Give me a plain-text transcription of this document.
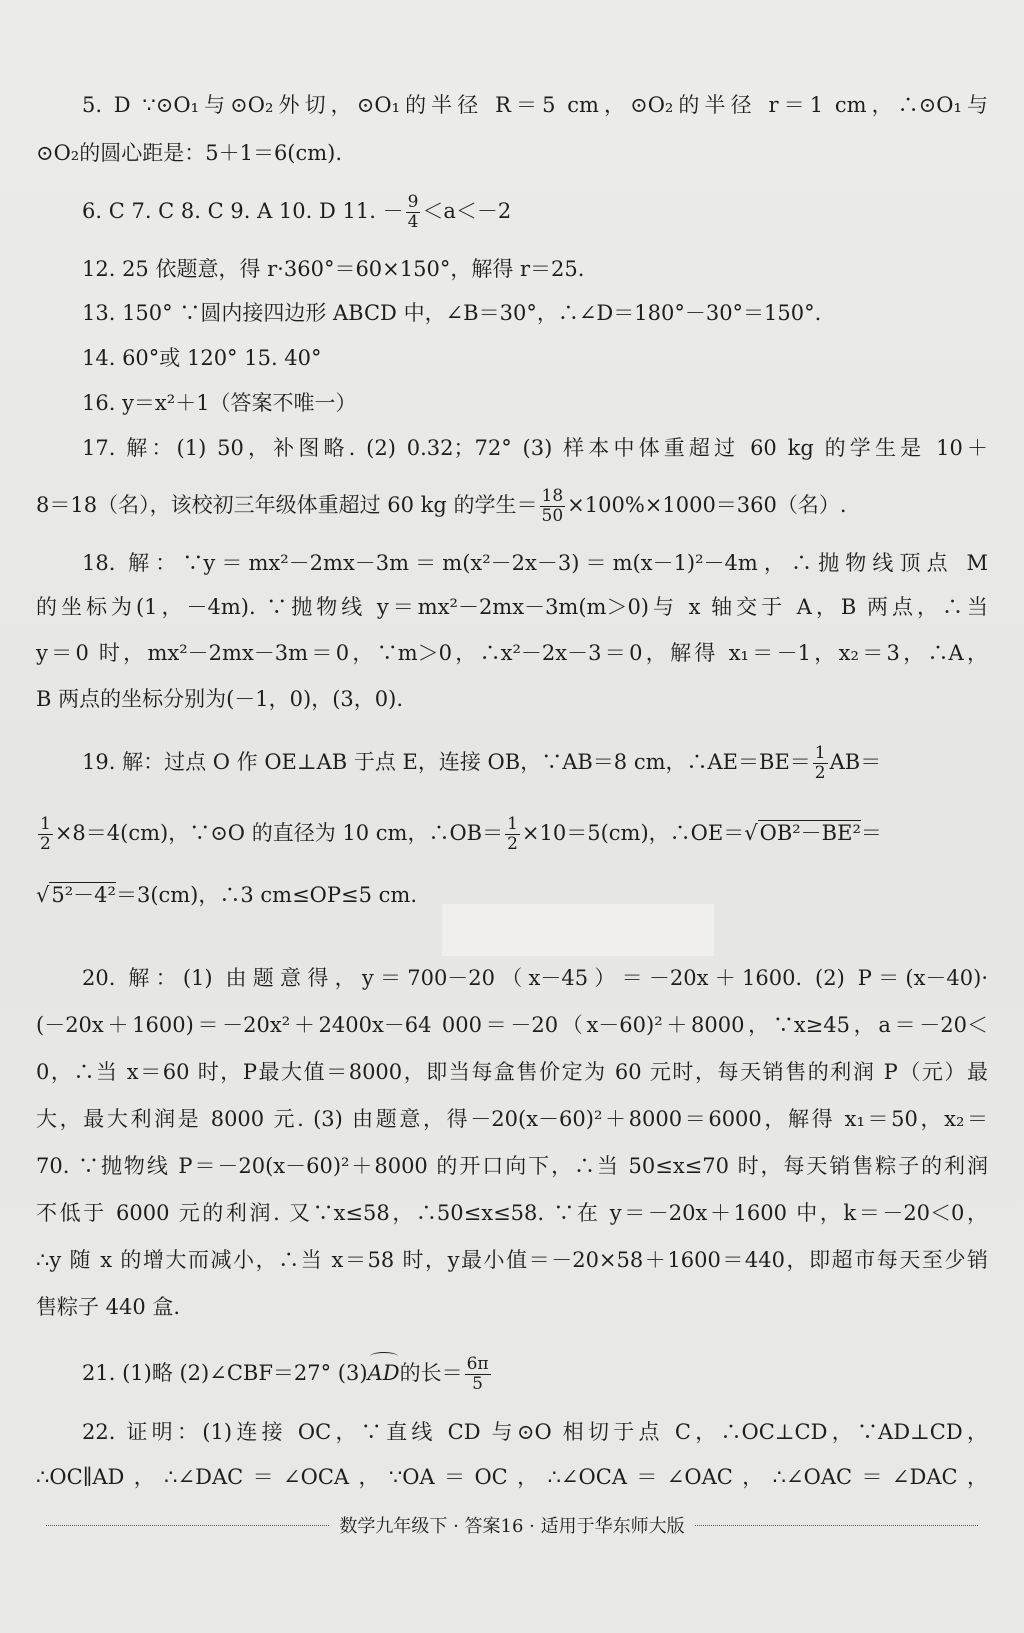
5. D ∵⊙O₁与⊙O₂外切，⊙O₁的半径 R＝5 cm，⊙O₂的半径 r＝1 cm，∴⊙O₁与
⊙O₂的圆心距是：5＋1＝6(cm).
6. C 7. C 8. C 9. A 10. D 11. － $\frac{9}{4} <a<-2$
12. 25 依题意，得 r·360°＝60×150°，解得 r＝25.
13. 150° ∵圆内接四边形 ABCD 中，∠B＝30°，∴∠D＝180°－30°＝150°.
14. 60°或 120° 15. 40°
16. y＝x²＋1（答案不唯一）
17. 解：(1) 50，补图略. (2) 0.32；72° (3) 样本中体重超过 60 kg 的学生是 10＋
8＝18（名），该校初三年级体重超过 60 kg 的学生＝ $\frac{18}{50} \times 100\%\times 1000=360$（名）.
18. 解：∵y＝mx²－2mx－3m＝m(x²－2x－3)＝m(x－1)²－4m，∴抛物线顶点 M
的坐标为(1，－4m). ∵抛物线 y＝mx²－2mx－3m(m＞0)与 x 轴交于 A，B 两点，∴当
y＝0 时，mx²－2mx－3m＝0，∵m＞0，∴x²－2x－3＝0，解得 x₁＝－1，x₂＝3，∴A，
B 两点的坐标分别为(－1，0)，(3，0).
19. 解：过点 O 作 OE⊥AB 于点 E，连接 OB，∵AB＝8 cm，∴AE＝BE＝ $\frac{1}{2} AB=$
$\frac{1}{2} \times 8=4(cm)$，∵⊙O 的直径为 10 cm，∴OB＝ $\frac{1}{2} \times 10=5(cm)$，∴OE＝√OB²－BE²＝
√5²－4²＝3(cm)，∴3 cm≤OP≤5 cm.
20. 解：(1) 由题意得，y＝700－20（x－45）＝－20x＋1600. (2) P＝(x－40)·
(－20x＋1600)＝－20x²＋2400x－64 000＝－20（x－60)²＋8000，∵x≥45，a＝－20＜
0，∴当 x＝60 时，P最大值＝8000，即当每盒售价定为 60 元时，每天销售的利润 P（元）最
大，最大利润是 8000 元. (3) 由题意，得－20(x－60)²＋8000＝6000，解得 x₁＝50，x₂＝
70. ∵抛物线 P＝－20(x－60)²＋8000 的开口向下，∴当 50≤x≤70 时，每天销售粽子的利润
不低于 6000 元的利润. 又∵x≤58，∴50≤x≤58. ∵在 y＝－20x＋1600 中，k＝－20＜0，
∴y 随 x 的增大而减小，∴当 x＝58 时，y最小值＝－20×58＋1600＝440，即超市每天至少销
售粽子 440 盒.
21. (1)略 (2)∠CBF＝27° (3)
AD的长＝ $\frac{6\pi}{5}$
22. 证明：(1)连接 OC，∵直线 CD 与⊙O 相切于点 C，∴OC⊥CD，∵AD⊥CD，
∴OC∥AD，∴∠DAC＝∠OCA，∵OA＝OC，∴∠OCA＝∠OAC，∴∠OAC＝∠DAC，
数学九年级下 · 答案16 · 适用于华东师大版
